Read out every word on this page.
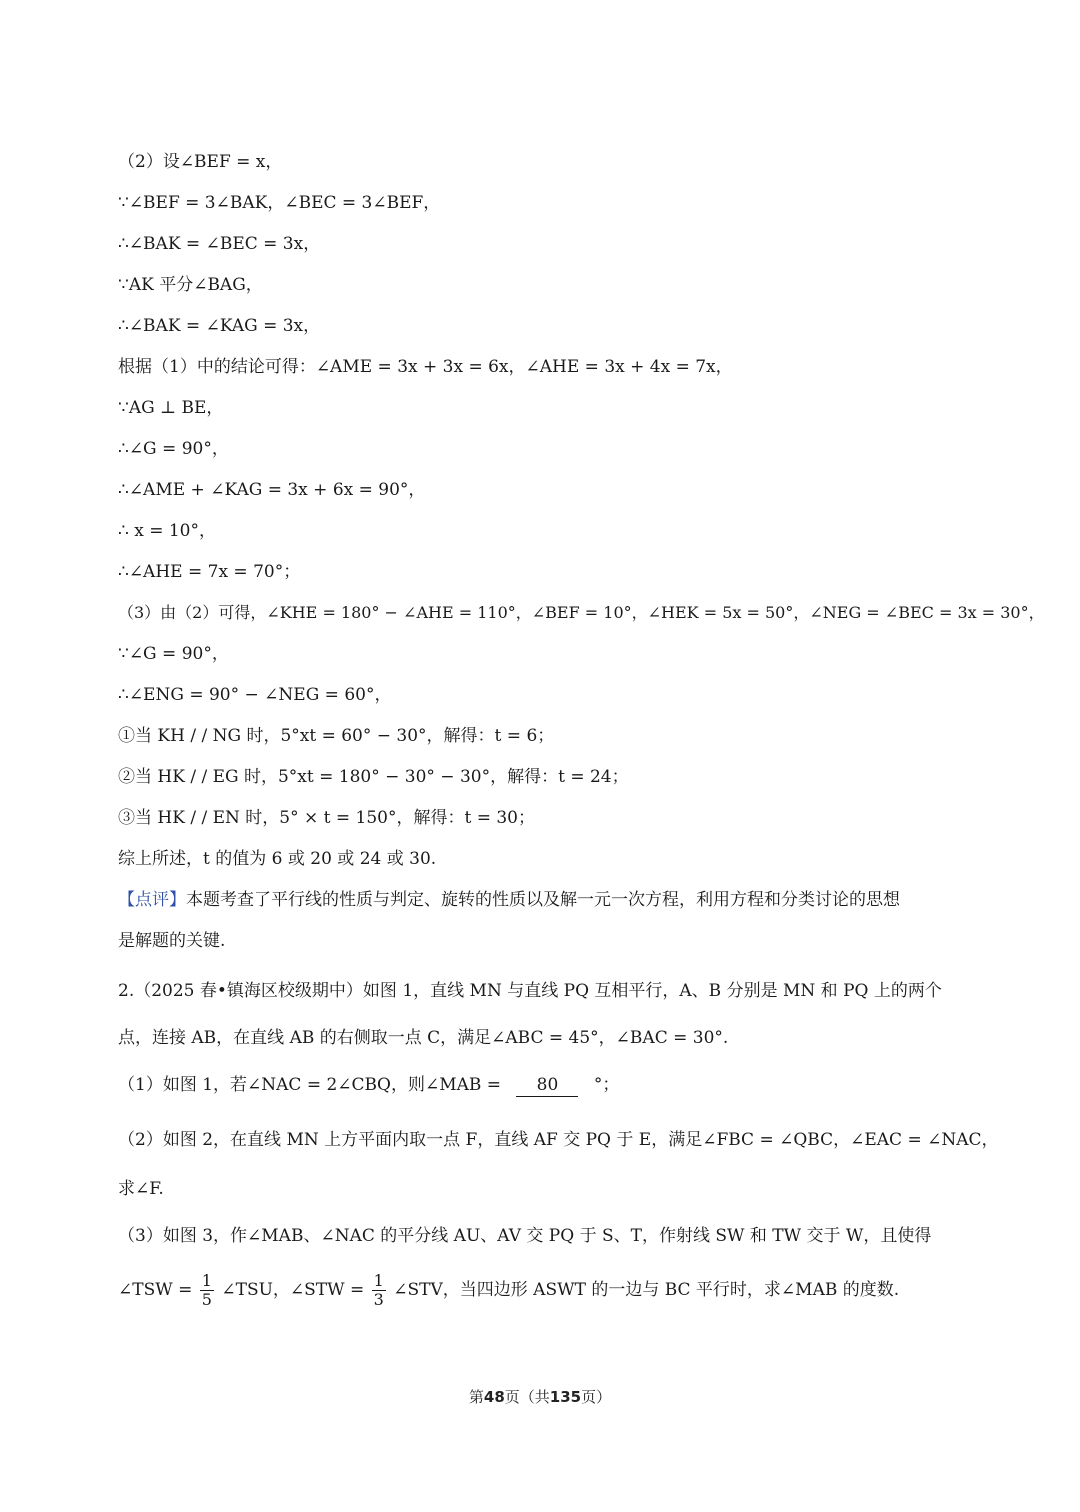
（2）设∠BEF = x，
∵∠BEF = 3∠BAK，∠BEC = 3∠BEF，
∴∠BAK = ∠BEC = 3x，
∵AK 平分∠BAG，
∴∠BAK = ∠KAG = 3x，
根据（1）中的结论可得：∠AME = 3x + 3x = 6x，∠AHE = 3x + 4x = 7x，
∵AG ⊥ BE，
∴∠G = 90°，
∴∠AME + ∠KAG = 3x + 6x = 90°，
∴ x = 10°，
∴∠AHE = 7x = 70°；
（3）由（2）可得，∠KHE = 180° − ∠AHE = 110°，∠BEF = 10°，∠HEK = 5x = 50°，∠NEG = ∠BEC = 3x = 30°，
∵∠G = 90°，
∴∠ENG = 90° − ∠NEG = 60°，
①当 KH / / NG 时，5°xt = 60° − 30°，解得：t = 6；
②当 HK / / EG 时，5°xt = 180° − 30° − 30°，解得：t = 24；
③当 HK / / EN 时，5° × t = 150°，解得：t = 30；
综上所述，t 的值为 6 或 20 或 24 或 30.
【点评】本题考查了平行线的性质与判定、旋转的性质以及解一元一次方程，利用方程和分类讨论的思想
是解题的关键.
2.（2025 春•镇海区校级期中）如图 1，直线 MN 与直线 PQ 互相平行，A、B 分别是 MN 和 PQ 上的两个
点，连接 AB，在直线 AB 的右侧取一点 C，满足∠ABC = 45°，∠BAC = 30°.
（1）如图 1，若∠NAC = 2∠CBQ，则∠MAB = 80 °；
（2）如图 2，在直线 MN 上方平面内取一点 F，直线 AF 交 PQ 于 E，满足∠FBC = ∠QBC，∠EAC = ∠NAC，
求∠F.
（3）如图 3，作∠MAB、∠NAC 的平分线 AU、AV 交 PQ 于 S、T，作射线 SW 和 TW 交于 W，且使得
∠TSW = $\frac{1}{5}$ ∠TSU，∠STW = $\frac{1}{3}$ ∠STV，当四边形 ASWT 的一边与 BC 平行时，求∠MAB 的度数.
第48页（共135页）
